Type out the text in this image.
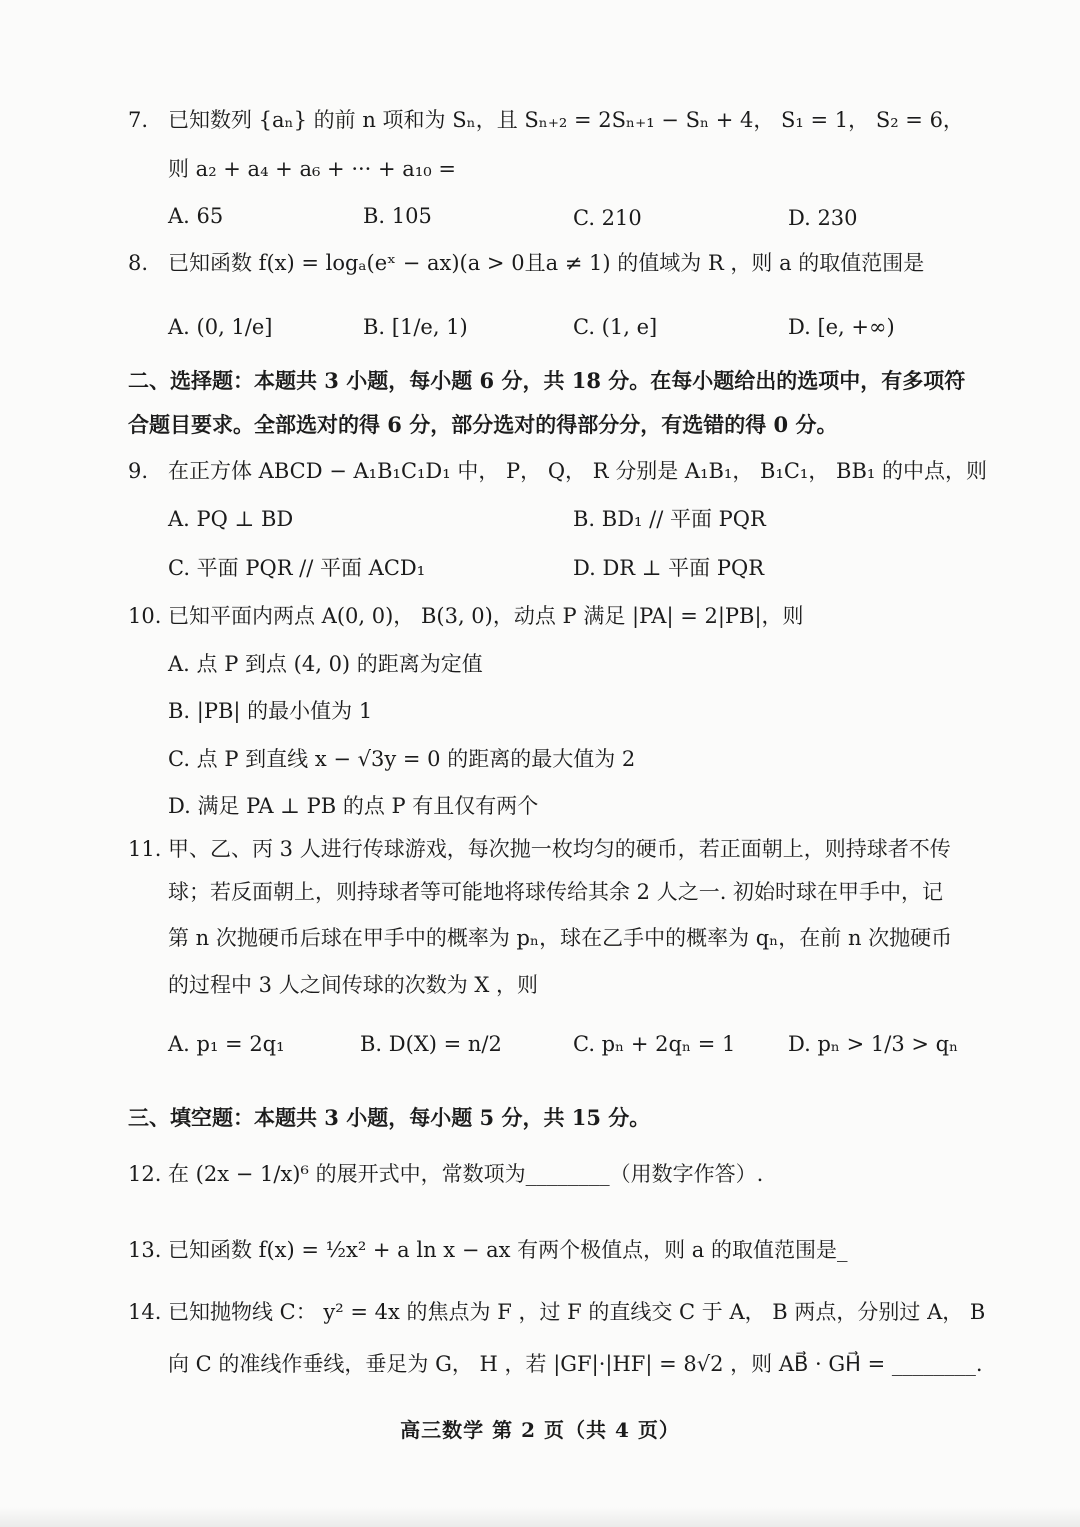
7. 已知数列 {aₙ} 的前 n 项和为 Sₙ，且 Sₙ₊₂ = 2Sₙ₊₁ − Sₙ + 4， S₁ = 1， S₂ = 6，
则 a₂ + a₄ + a₆ + ··· + a₁₀ =
A. 65	B. 105	C. 210	D. 230
8. 已知函数 f(x) = logₐ(eˣ − ax)(a > 0且a ≠ 1) 的值域为 R ，则 a 的取值范围是
A. (0, 1/e]	B. [1/e, 1)	C. (1, e]	D. [e, +∞)
二、选择题：本题共 3 小题，每小题 6 分，共 18 分。在每小题给出的选项中，有多项符
合题目要求。全部选对的得 6 分，部分选对的得部分分，有选错的得 0 分。
9. 在正方体 ABCD − A₁B₁C₁D₁ 中， P， Q， R 分别是 A₁B₁， B₁C₁， BB₁ 的中点，则
A. PQ ⊥ BD	B. BD₁ // 平面 PQR
C. 平面 PQR // 平面 ACD₁	D. DR ⊥ 平面 PQR
10. 已知平面内两点 A(0, 0)， B(3, 0)，动点 P 满足 |PA| = 2|PB|，则
A. 点 P 到点 (4, 0) 的距离为定值
B. |PB| 的最小值为 1
C. 点 P 到直线 x − √3y = 0 的距离的最大值为 2
D. 满足 PA ⊥ PB 的点 P 有且仅有两个
11. 甲、乙、丙 3 人进行传球游戏，每次抛一枚均匀的硬币，若正面朝上，则持球者不传
球；若反面朝上，则持球者等可能地将球传给其余 2 人之一. 初始时球在甲手中，记
第 n 次抛硬币后球在甲手中的概率为 pₙ，球在乙手中的概率为 qₙ，在前 n 次抛硬币
的过程中 3 人之间传球的次数为 X ，则
A. p₁ = 2q₁	B. D(X) = n/2	C. pₙ + 2qₙ = 1	D. pₙ > 1/3 > qₙ
三、填空题：本题共 3 小题，每小题 5 分，共 15 分。
12. 在 (2x − 1/x)⁶ 的展开式中，常数项为________（用数字作答）.
13. 已知函数 f(x) = ½x² + a ln x − ax 有两个极值点，则 a 的取值范围是_
14. 已知抛物线 C： y² = 4x 的焦点为 F ，过 F 的直线交 C 于 A， B 两点，分别过 A， B
向 C 的准线作垂线，垂足为 G， H ，若 |GF|·|HF| = 8√2 ，则 AB⃗ · GH⃗ = ________.
高三数学 第 2 页（共 4 页）
